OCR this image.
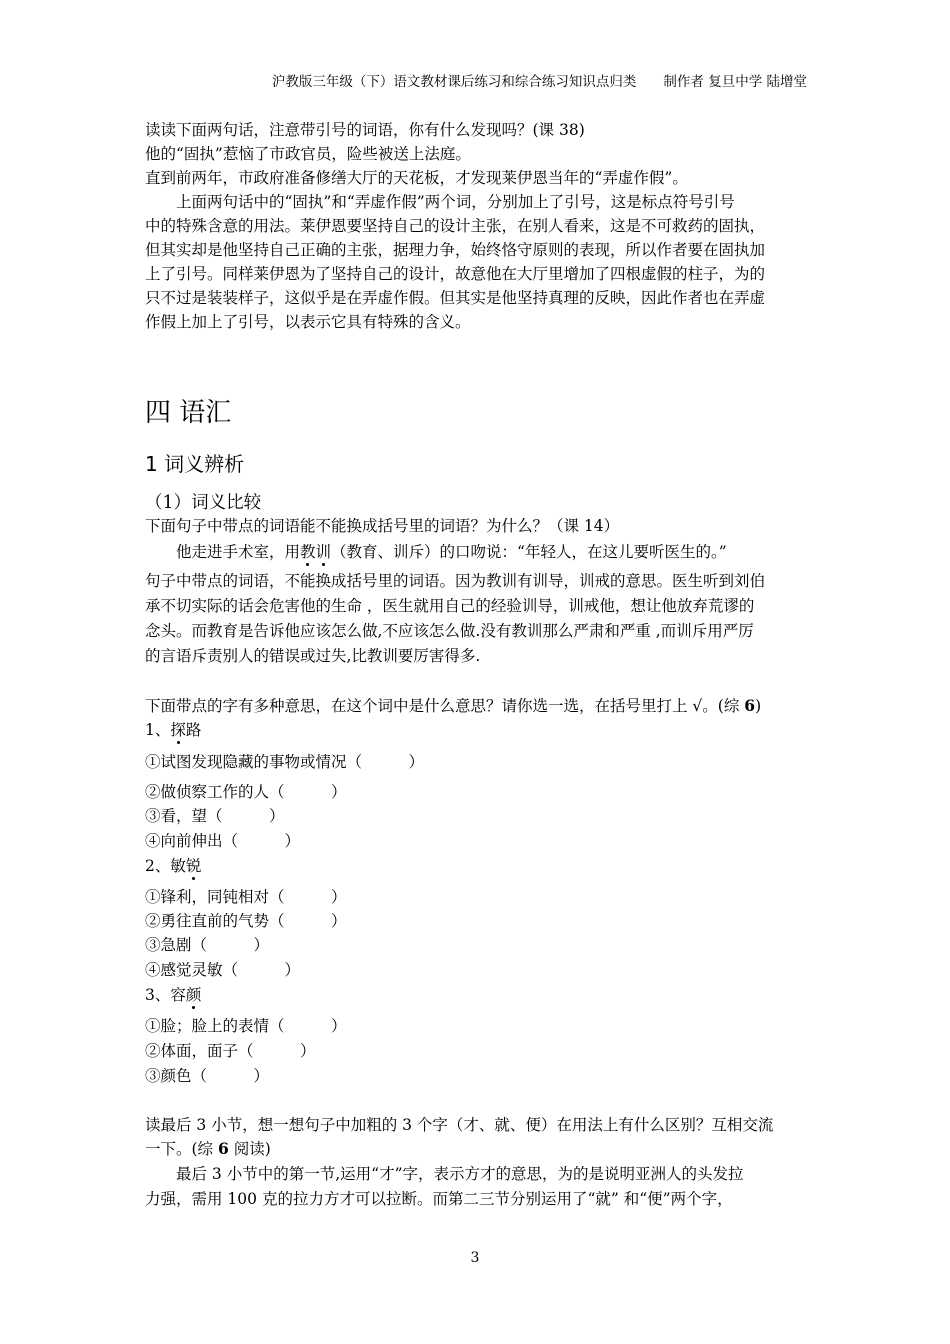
沪教版三年级（下）语文教材课后练习和综合练习知识点归类　　制作者 复旦中学 陆增堂
读读下面两句话，注意带引号的词语，你有什么发现吗？(课 38)
他的“固执”惹恼了市政官员，险些被送上法庭。
直到前两年，市政府准备修缮大厅的天花板，才发现莱伊恩当年的“弄虚作假”。
上面两句话中的“固执”和“弄虚作假”两个词，分别加上了引号，这是标点符号引号
中的特殊含意的用法。莱伊恩要坚持自己的设计主张，在别人看来，这是不可救药的固执，
但其实却是他坚持自己正确的主张，据理力争，始终恪守原则的表现，所以作者要在固执加
上了引号。同样莱伊恩为了坚持自己的设计，故意他在大厅里增加了四根虚假的柱子，为的
只不过是装装样子，这似乎是在弄虚作假。但其实是他坚持真理的反映，因此作者也在弄虚
作假上加上了引号，以表示它具有特殊的含义。
四 语汇
1 词义辨析
（1）词义比较
下面句子中带点的词语能不能换成括号里的词语？为什么？（课 14）
他走进手术室，用教训（教育、训斥）的口吻说：“年轻人，在这儿要听医生的。”
句子中带点的词语，不能换成括号里的词语。因为教训有训导，训戒的意思。医生听到刘伯
承不切实际的话会危害他的生命 ，医生就用自己的经验训导，训戒他，想让他放弃荒谬的
念头。而教育是告诉他应该怎么做,不应该怎么做.没有教训那么严肃和严重 ,而训斥用严厉
的言语斥责别人的错误或过失,比教训要厉害得多.
下面带点的字有多种意思，在这个词中是什么意思？请你选一选，在括号里打上 √。(综 6)
1、探路
①试图发现隐藏的事物或情况（　　　）
②做侦察工作的人（　　　）
③看，望（　　　）
④向前伸出（　　　）
2、敏锐
①锋利，同钝相对（　　　）
②勇往直前的气势（　　　）
③急剧（　　　）
④感觉灵敏（　　　）
3、容颜
①脸；脸上的表情（　　　）
②体面，面子（　　　）
③颜色（　　　）
读最后 3 小节，想一想句子中加粗的 3 个字（才、就、便）在用法上有什么区别？互相交流
一下。(综 6 阅读)
最后 3 小节中的第一节,运用“才”字，表示方才的意思，为的是说明亚洲人的头发拉
力强，需用 100 克的拉力方才可以拉断。而第二三节分别运用了“就” 和“便”两个字，
3
